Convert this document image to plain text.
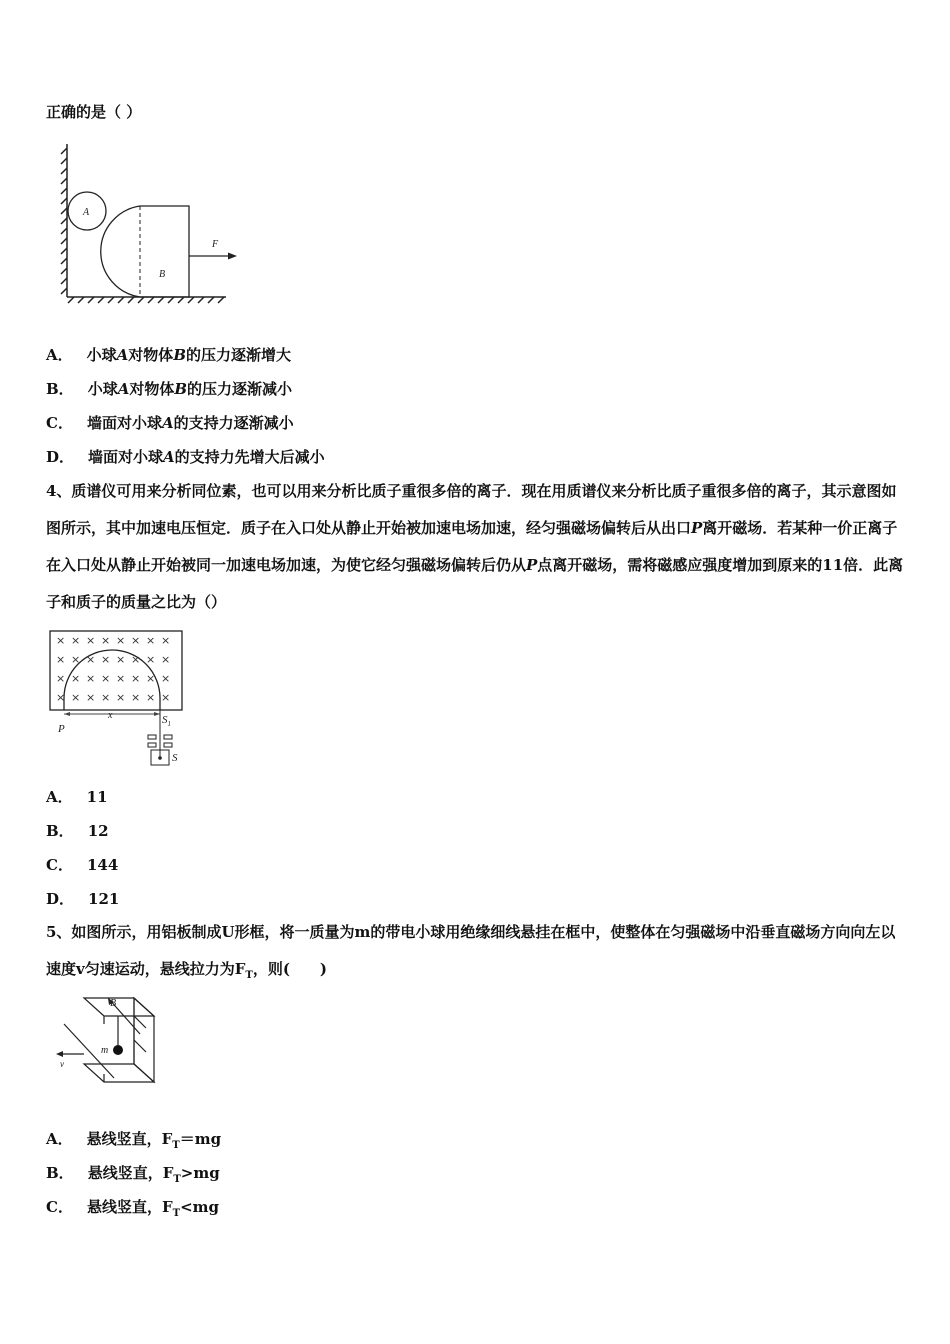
正确的是（ ）
A
B
F
A． 小球A对物体B的压力逐渐增大
B． 小球A对物体B的压力逐渐减小
C． 墙面对小球A的支持力逐渐减小
D． 墙面对小球A的支持力先增大后减小
4、质谱仪可用来分析同位素，也可以用来分析比质子重很多倍的离子．现在用质谱仪来分析比质子重很多倍的离子，其示意图如图所示，其中加速电压恒定．质子在入口处从静止开始被加速电场加速，经匀强磁场偏转后从出口P离开磁场．若某种一价正离子在入口处从静止开始被同一加速电场加速，为使它经匀强磁场偏转后仍从P点离开磁场，需将磁感应强度增加到原来的11倍．此离子和质子的质量之比为（）
× × × × × × × ×
× × × × × × × ×
× × × × × × × ×
× × × × × × × ×
x
P
$S_1$
S
A． 11
B． 12
C． 144
D． 121
5、如图所示，用铝板制成U形框，将一质量为m的带电小球用绝缘细线悬挂在框中，使整体在匀强磁场中沿垂直磁场方向向左以速度v匀速运动，悬线拉力为$F_T$，则(　　)
B
m
v
A． 悬线竖直，$F_T=mg$
B． 悬线竖直，$F_T>mg$
C． 悬线竖直，$F_T<mg$
